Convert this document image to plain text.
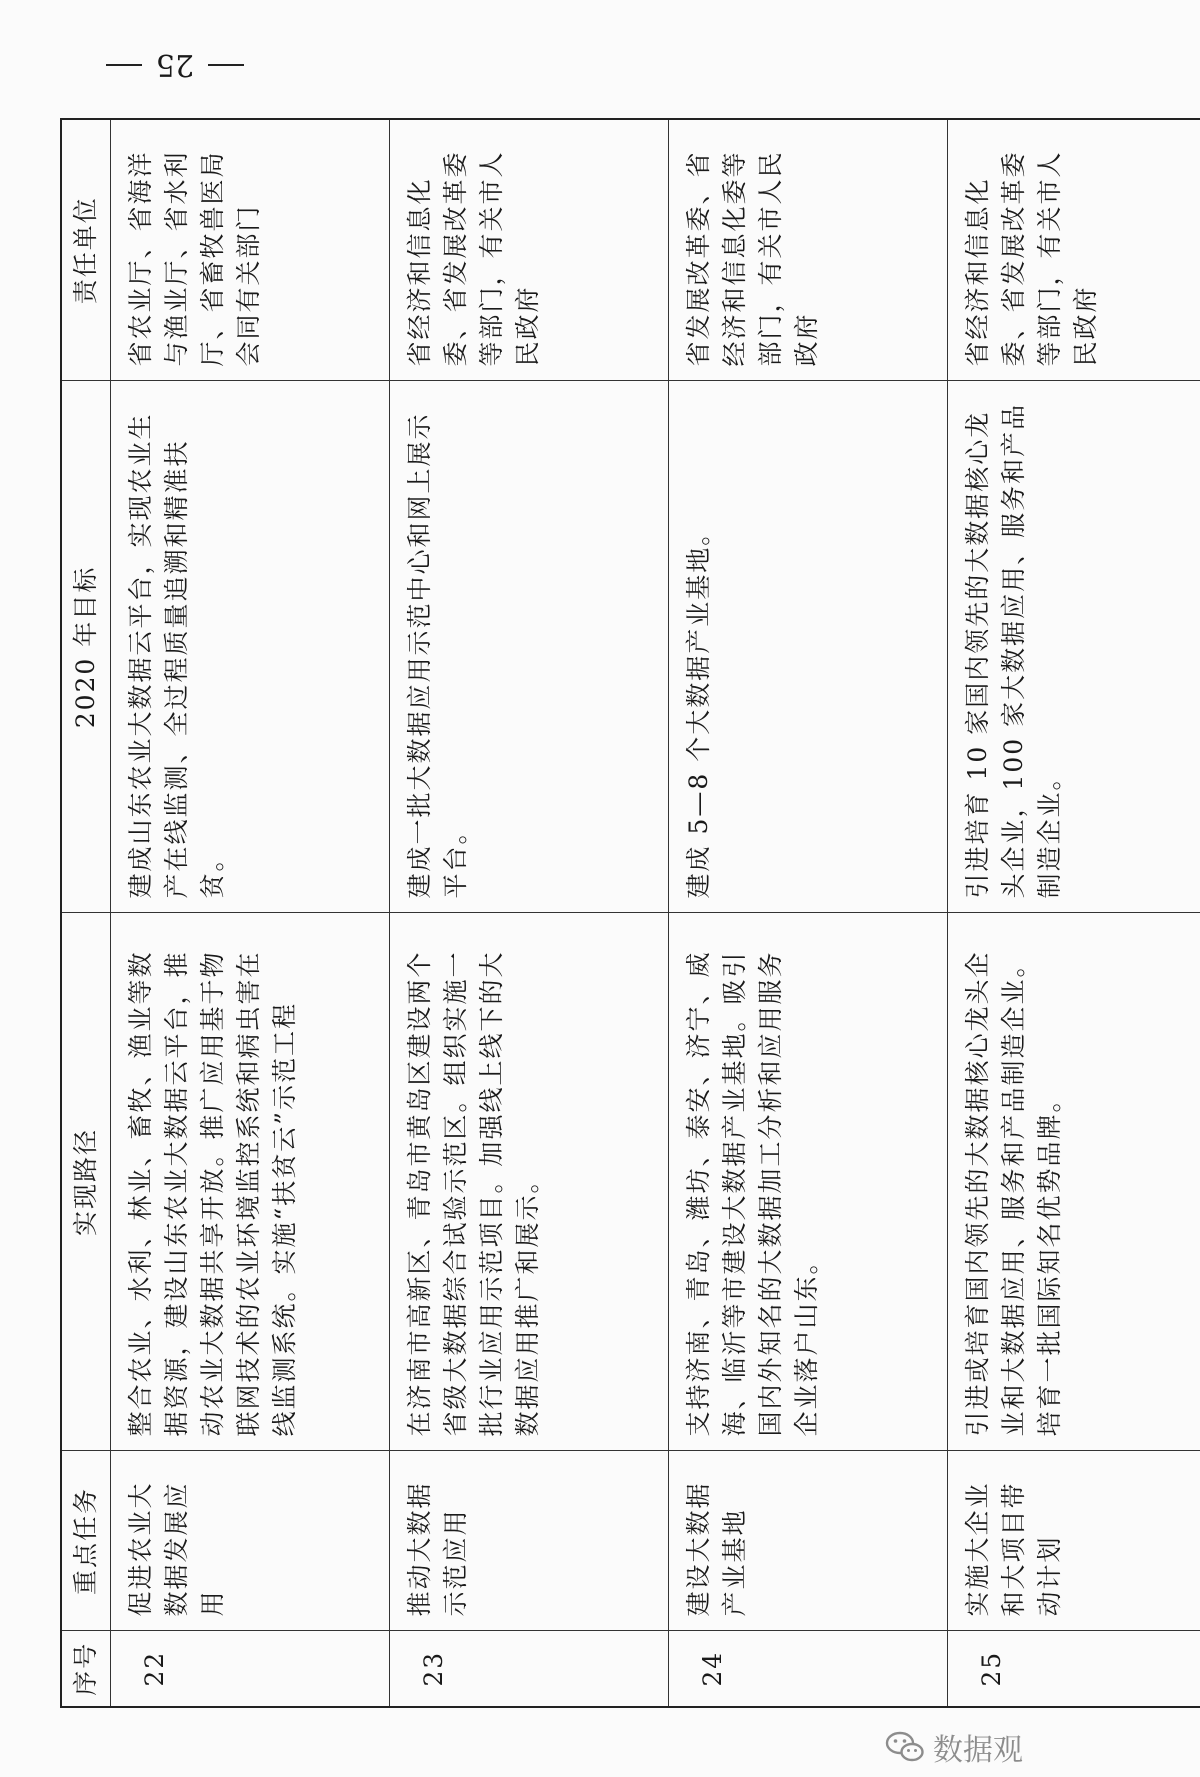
25
序号	重点任务	实现路径	2020 年目标	责任单位
22	促进农业大数据发展应用	整合农业、水利、林业、畜牧、渔业等数据资源，建设山东农业大数据云平台，推动农业大数据共享开放。推广应用基于物联网技术的农业环境监控系统和病虫害在线监测系统。实施“扶贫云”示范工程	建成山东农业大数据云平台，实现农业生产在线监测、全过程质量追溯和精准扶贫。	省农业厅、省海洋与渔业厅、省水利厅、省畜牧兽医局会同有关部门
23	推动大数据示范应用	在济南市高新区、青岛市黄岛区建设两个省级大数据综合试验示范区。组织实施一批行业应用示范项目。加强线上线下的大数据应用推广和展示。	建成一批大数据应用示范中心和网上展示平台。	省经济和信息化委、省发展改革委等部门，有关市人民政府
24	建设大数据产业基地	支持济南、青岛、潍坊、泰安、济宁、威海、临沂等市建设大数据产业基地。吸引国内外知名的大数据加工分析和应用服务企业落户山东。	建成 5—8 个大数据产业基地。	省发展改革委、省经济和信息化委等部门，有关市人民政府
25	实施大企业和大项目带动计划	引进或培育国内领先的大数据核心龙头企业和大数据应用、服务和产品制造企业。培育一批国际知名优势品牌。	引进培育 10 家国内领先的大数据核心龙头企业，100 家大数据应用、服务和产品制造企业。	省经济和信息化委、省发展改革委等部门，有关市人民政府
数据观
